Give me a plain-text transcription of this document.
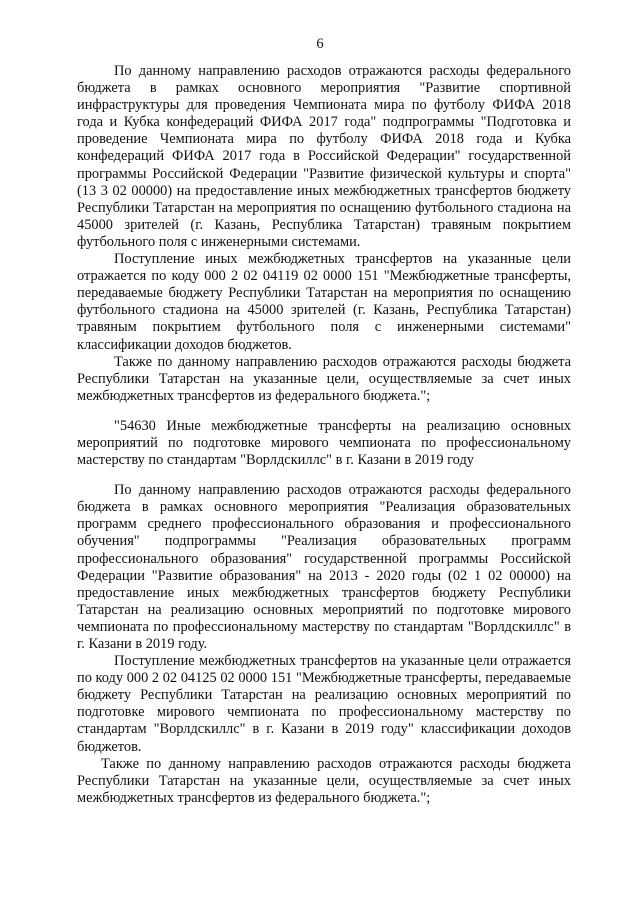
6

По данному направлению расходов отражаются расходы федерального бюджета в рамках основного мероприятия "Развитие спортивной инфраструктуры для проведения Чемпионата мира по футболу ФИФА 2018 года и Кубка конфедераций ФИФА 2017 года" подпрограммы "Подготовка и проведение Чемпионата мира по футболу ФИФА 2018 года и Кубка конфедераций ФИФА 2017 года в Российской Федерации" государственной программы Российской Федерации "Развитие физической культуры и спорта" (13 3 02 00000) на предоставление иных межбюджетных трансфертов бюджету Республики Татарстан на мероприятия по оснащению футбольного стадиона на 45000 зрителей (г. Казань, Республика Татарстан) травяным покрытием футбольного поля с инженерными системами.

Поступление иных межбюджетных трансфертов на указанные цели отражается по коду 000 2 02 04119 02 0000 151 "Межбюджетные трансферты, передаваемые бюджету Республики Татарстан на мероприятия по оснащению футбольного стадиона на 45000 зрителей (г. Казань, Республика Татарстан) травяным покрытием футбольного поля с инженерными системами" классификации доходов бюджетов.

Также по данному направлению расходов отражаются расходы бюджета Республики Татарстан на указанные цели, осуществляемые за счет иных межбюджетных трансфертов из федерального бюджета.";

"54630 Иные межбюджетные трансферты на реализацию основных мероприятий по подготовке мирового чемпионата по профессиональному мастерству по стандартам "Ворлдскиллс" в г. Казани в 2019 году

По данному направлению расходов отражаются расходы федерального бюджета в рамках основного мероприятия "Реализация образовательных программ среднего профессионального образования и профессионального обучения" подпрограммы "Реализация образовательных программ профессионального образования" государственной программы Российской Федерации "Развитие образования" на 2013 - 2020 годы (02 1 02 00000) на предоставление иных межбюджетных трансфертов бюджету Республики Татарстан на реализацию основных мероприятий по подготовке мирового чемпионата по профессиональному мастерству по стандартам "Ворлдскиллс" в г. Казани в 2019 году.

Поступление межбюджетных трансфертов на указанные цели отражается по коду 000 2 02 04125 02 0000 151 "Межбюджетные трансферты, передаваемые бюджету Республики Татарстан на реализацию основных мероприятий по подготовке мирового чемпионата по профессиональному мастерству по стандартам "Ворлдскиллс" в г. Казани в 2019 году" классификации доходов бюджетов.

Также по данному направлению расходов отражаются расходы бюджета Республики Татарстан на указанные цели, осуществляемые за счет иных межбюджетных трансфертов из федерального бюджета.";
